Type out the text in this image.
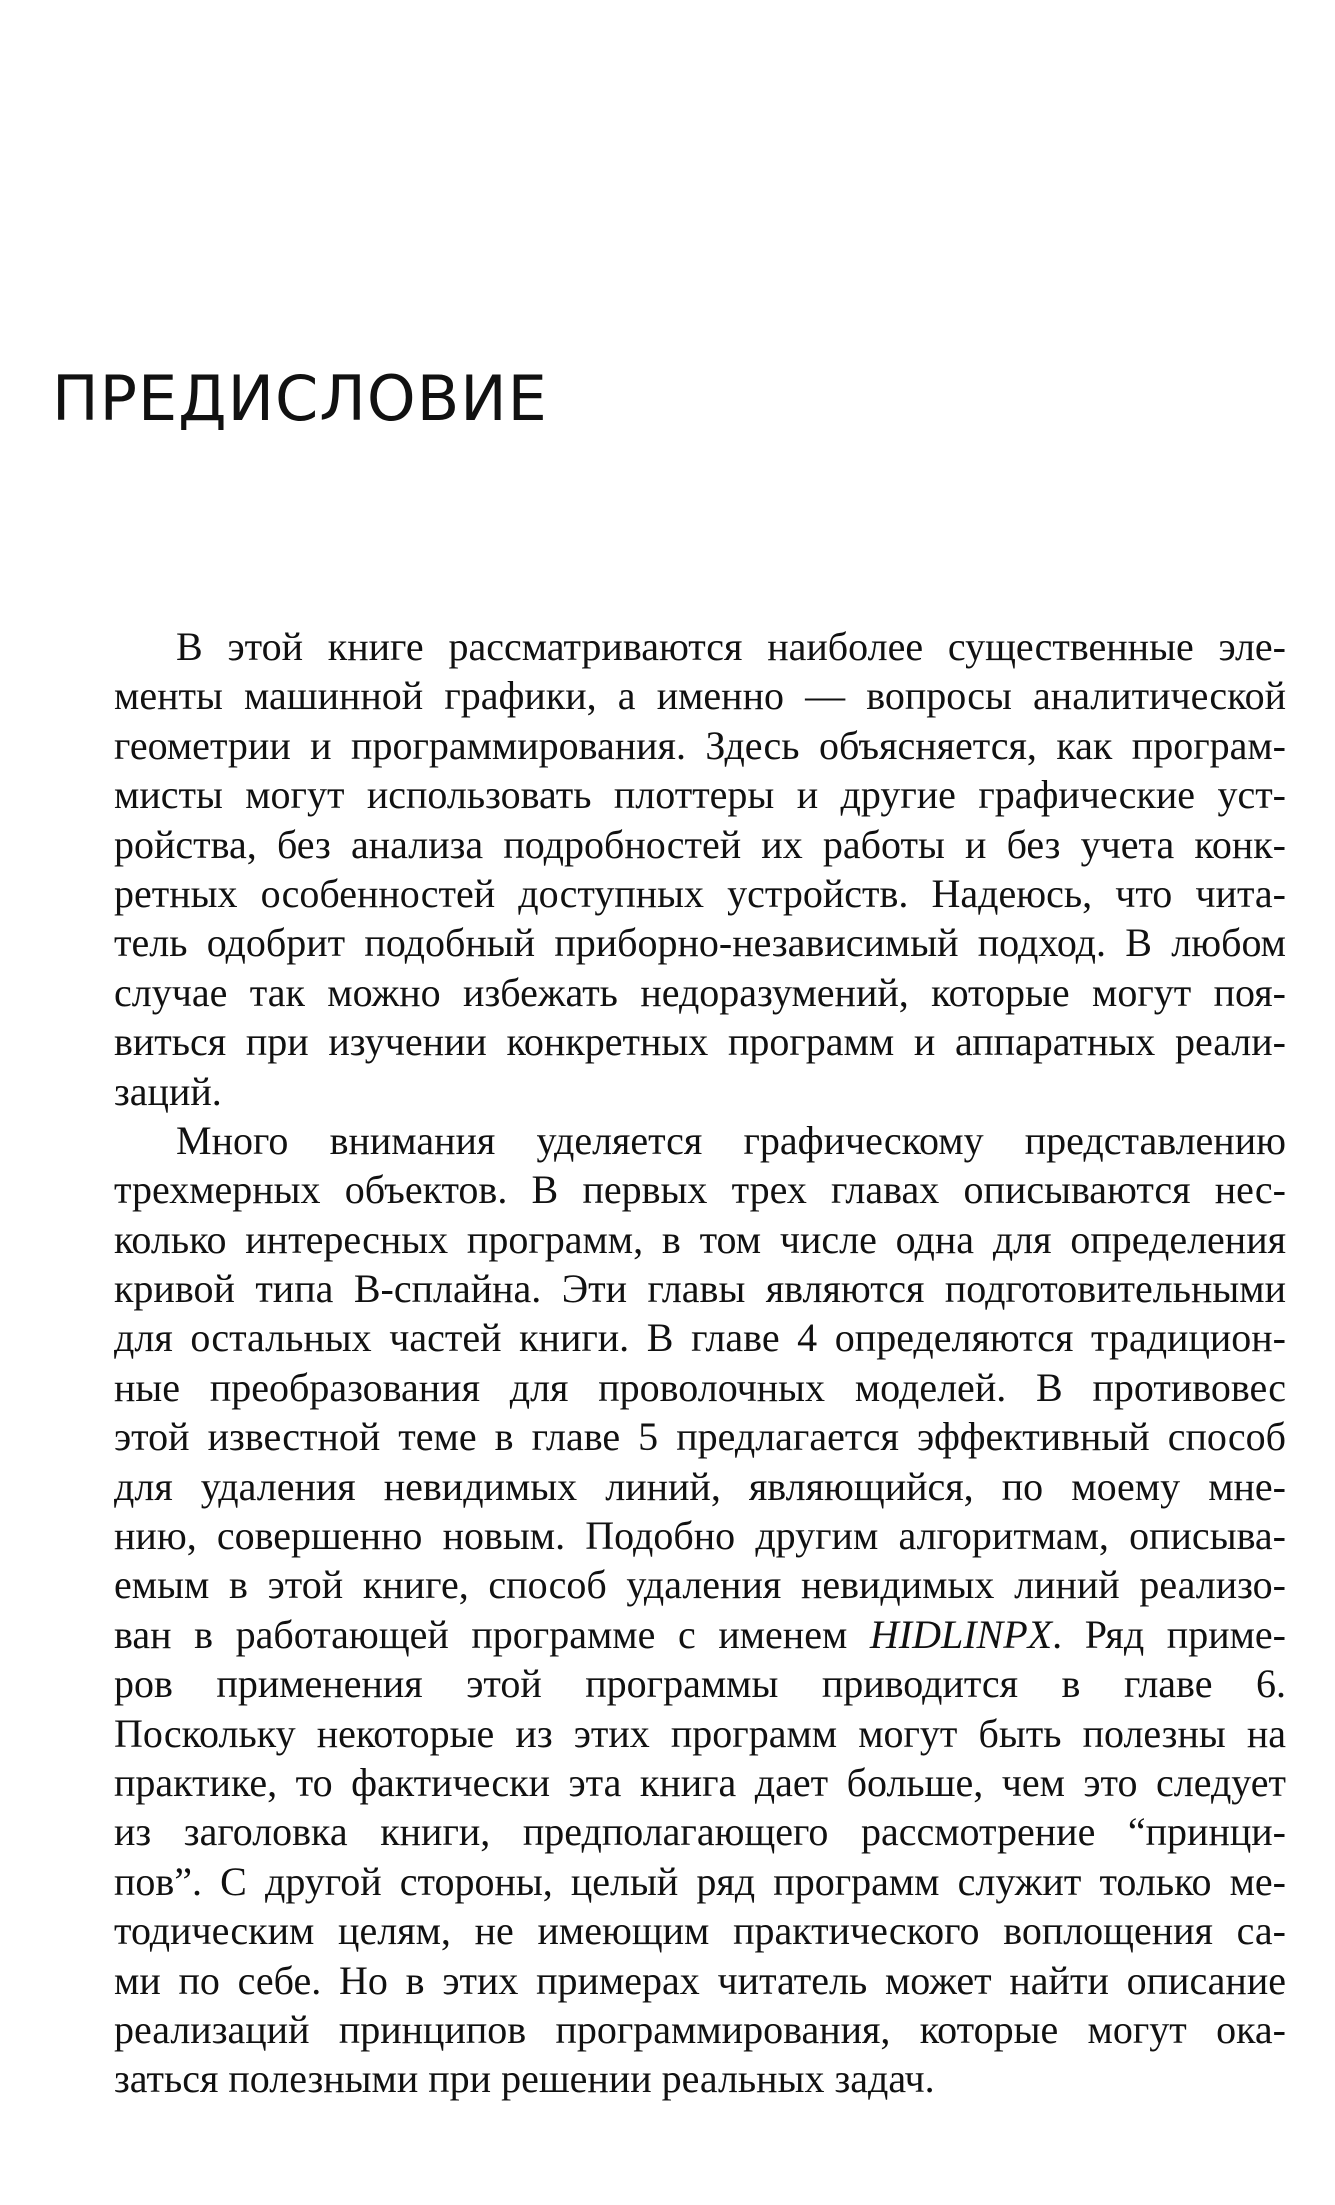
ПРЕДИСЛОВИЕ
В этой книге рассматриваются наиболее существенные эле-
менты машинной графики, а именно — вопросы аналитической
геометрии и программирования. Здесь объясняется, как програм-
мисты могут использовать плоттеры и другие графические уст-
ройства, без анализа подробностей их работы и без учета конк-
ретных особенностей доступных устройств. Надеюсь, что чита-
тель одобрит подобный приборно-независимый подход. В любом
случае так можно избежать недоразумений, которые могут поя-
виться при изучении конкретных программ и аппаратных реали-
заций.
Много внимания уделяется графическому представлению
трехмерных объектов. В первых трех главах описываются нес-
колько интересных программ, в том числе одна для определения
кривой типа В-сплайна. Эти главы являются подготовительными
для остальных частей книги. В главе 4 определяются традицион-
ные преобразования для проволочных моделей. В противовес
этой известной теме в главе 5 предлагается эффективный способ
для удаления невидимых линий, являющийся, по моему мне-
нию, совершенно новым. Подобно другим алгоритмам, описыва-
емым в этой книге, способ удаления невидимых линий реализо-
ван в работающей программе с именем HIDLINPX. Ряд приме-
ров применения этой программы приводится в главе 6.
Поскольку некоторые из этих программ могут быть полезны на
практике, то фактически эта книга дает больше, чем это следует
из заголовка книги, предполагающего рассмотрение “принци-
пов”. С другой стороны, целый ряд программ служит только ме-
тодическим целям, не имеющим практического воплощения са-
ми по себе. Но в этих примерах читатель может найти описание
реализаций принципов программирования, которые могут ока-
заться полезными при решении реальных задач.
